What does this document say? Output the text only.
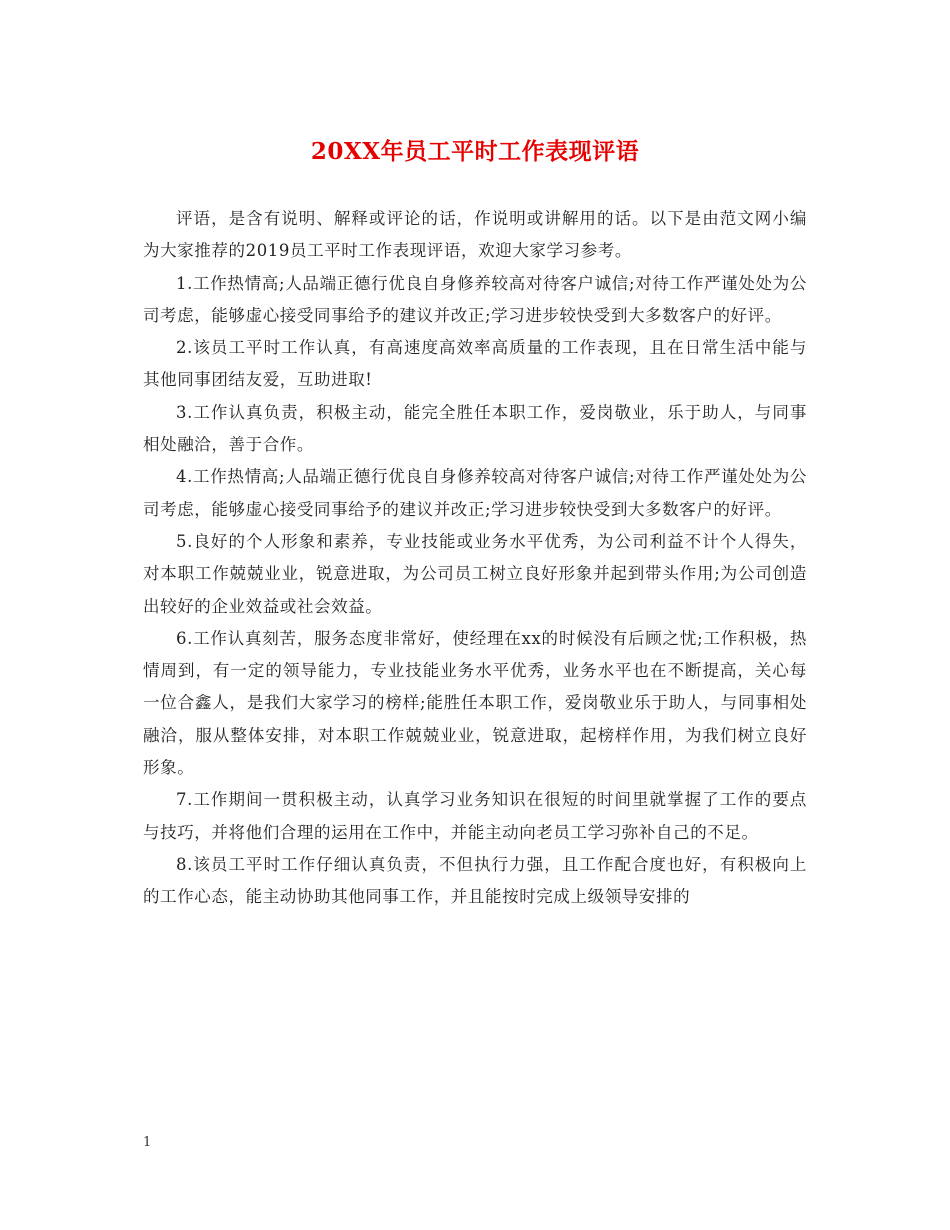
20XX年员工平时工作表现评语

评语，是含有说明、解释或评论的话，作说明或讲解用的话。以下是由范文网小编为大家推荐的2019员工平时工作表现评语，欢迎大家学习参考。

1.工作热情高;人品端正德行优良自身修养较高对待客户诚信;对待工作严谨处处为公司考虑，能够虚心接受同事给予的建议并改正;学习进步较快受到大多数客户的好评。

2.该员工平时工作认真，有高速度高效率高质量的工作表现，且在日常生活中能与其他同事团结友爱，互助进取!

3.工作认真负责，积极主动，能完全胜任本职工作，爱岗敬业，乐于助人，与同事相处融洽，善于合作。

4.工作热情高;人品端正德行优良自身修养较高对待客户诚信;对待工作严谨处处为公司考虑，能够虚心接受同事给予的建议并改正;学习进步较快受到大多数客户的好评。

5.良好的个人形象和素养，专业技能或业务水平优秀，为公司利益不计个人得失，对本职工作兢兢业业，锐意进取，为公司员工树立良好形象并起到带头作用;为公司创造出较好的企业效益或社会效益。

6.工作认真刻苦，服务态度非常好，使经理在xx的时候没有后顾之忧;工作积极，热情周到，有一定的领导能力，专业技能业务水平优秀，业务水平也在不断提高，关心每一位合鑫人，是我们大家学习的榜样;能胜任本职工作，爱岗敬业乐于助人，与同事相处融洽，服从整体安排，对本职工作兢兢业业，锐意进取，起榜样作用，为我们树立良好形象。

7.工作期间一贯积极主动，认真学习业务知识在很短的时间里就掌握了工作的要点与技巧，并将他们合理的运用在工作中，并能主动向老员工学习弥补自己的不足。

8.该员工平时工作仔细认真负责，不但执行力强，且工作配合度也好，有积极向上的工作心态，能主动协助其他同事工作，并且能按时完成上级领导安排的

1
